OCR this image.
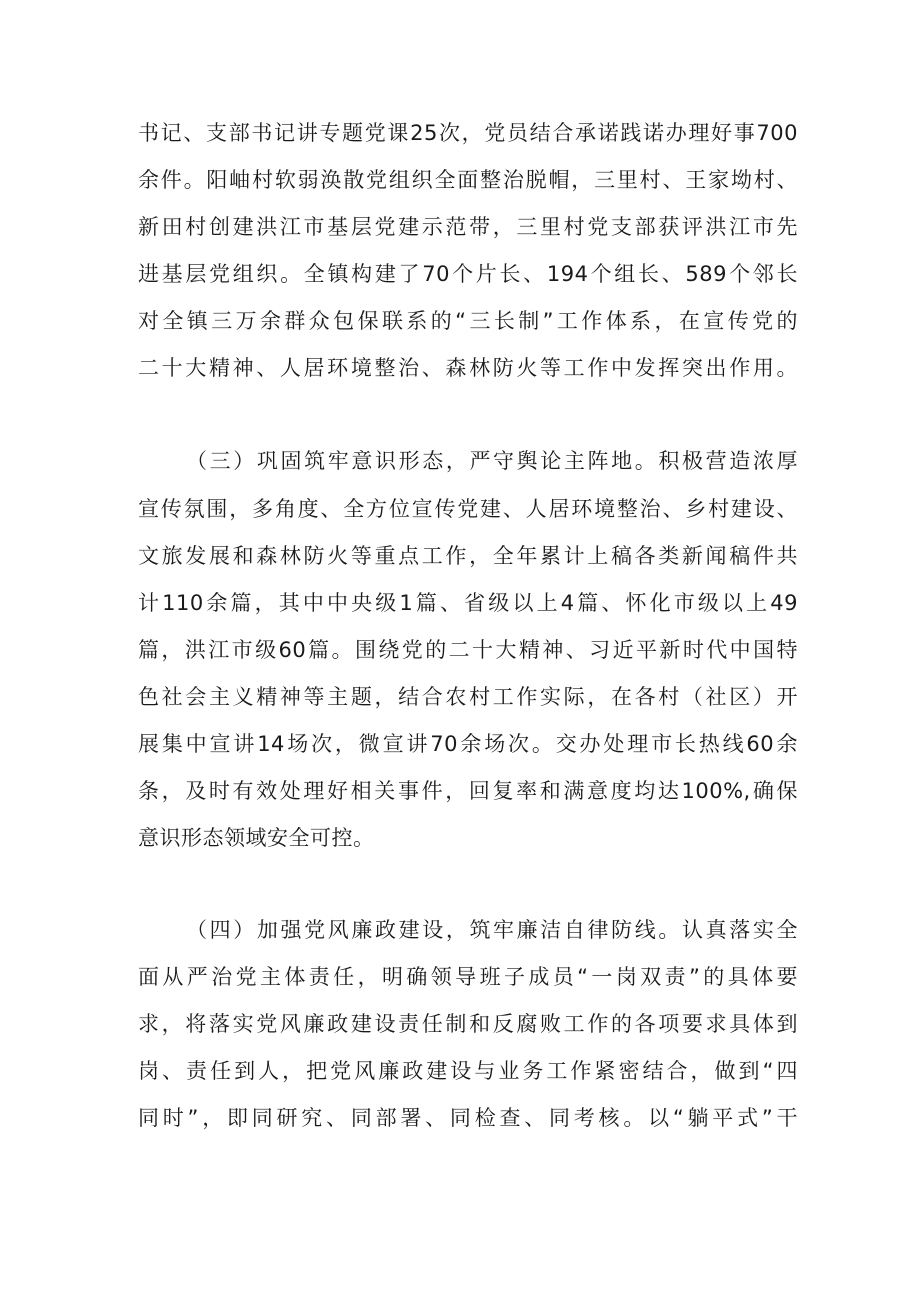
书记、支部书记讲专题党课25次，党员结合承诺践诺办理好事700
余件。阳岫村软弱涣散党组织全面整治脱帽，三里村、王家坳村、
新田村创建洪江市基层党建示范带，三里村党支部获评洪江市先
进基层党组织。全镇构建了70个片长、194个组长、589个邻长
对全镇三万余群众包保联系的“三长制”工作体系，在宣传党的
二十大精神、人居环境整治、森林防火等工作中发挥突出作用。
（三）巩固筑牢意识形态，严守舆论主阵地。积极营造浓厚
宣传氛围，多角度、全方位宣传党建、人居环境整治、乡村建设、
文旅发展和森林防火等重点工作，全年累计上稿各类新闻稿件共
计110余篇，其中中央级1篇、省级以上4篇、怀化市级以上49
篇，洪江市级60篇。围绕党的二十大精神、习近平新时代中国特
色社会主义精神等主题，结合农村工作实际，在各村（社区）开
展集中宣讲14场次，微宣讲70余场次。交办处理市长热线60余
条，及时有效处理好相关事件，回复率和满意度均达100%,确保
意识形态领域安全可控。
（四）加强党风廉政建设，筑牢廉洁自律防线。认真落实全
面从严治党主体责任，明确领导班子成员“一岗双责”的具体要
求，将落实党风廉政建设责任制和反腐败工作的各项要求具体到
岗、责任到人，把党风廉政建设与业务工作紧密结合，做到“四
同时”，即同研究、同部署、同检查、同考核。以“躺平式”干
